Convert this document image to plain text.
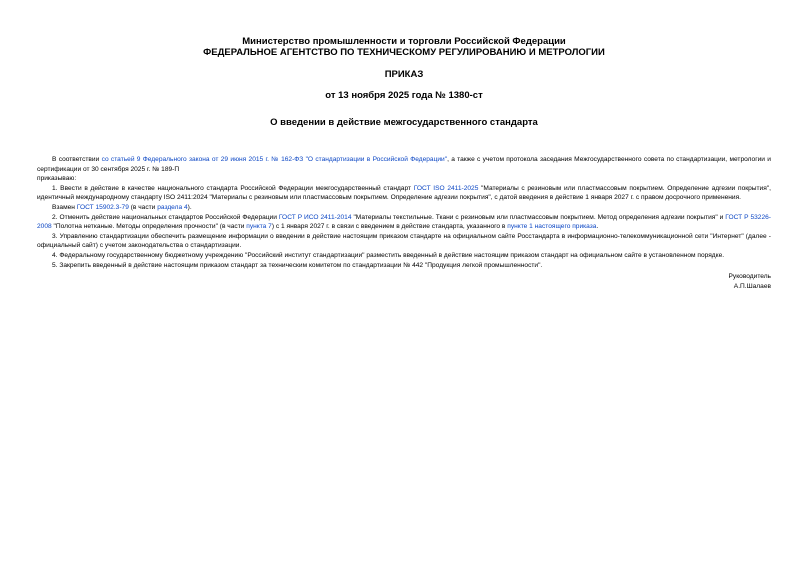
Министерство промышленности и торговли Российской Федерации
ФЕДЕРАЛЬНОЕ АГЕНТСТВО ПО ТЕХНИЧЕСКОМУ РЕГУЛИРОВАНИЮ И МЕТРОЛОГИИ
ПРИКАЗ
от 13 ноября 2025 года № 1380-ст
О введении в действие межгосударственного стандарта

В соответствии со статьей 9 Федерального закона от 29 июня 2015 г. № 162-ФЗ "О стандартизации в Российской Федерации", а также с учетом протокола заседания Межгосударственного совета по стандартизации, метрологии и сертификации от 30 сентября 2025 г. № 189-П

приказываю:

1. Ввести в действие в качестве национального стандарта Российской Федерации межгосударственный стандарт ГОСТ ISO 2411-2025 "Материалы с резиновым или пластмассовым покрытием. Определение адгезии покрытия", идентичный международному стандарту ISO 2411:2024 "Материалы с резиновым или пластмассовым покрытием. Определение адгезии покрытия", с датой введения в действие 1 января 2027 г. с правом досрочного применения.

Взамен ГОСТ 15902.3-79 (в части раздела 4).

2. Отменить действие национальных стандартов Российской Федерации ГОСТ Р ИСО 2411-2014 "Материалы текстильные. Ткани с резиновым или пластмассовым покрытием. Метод определения адгезии покрытия" и ГОСТ Р 53226-2008 "Полотна нетканые. Методы определения прочности" (в части пункта 7) с 1 января 2027 г. в связи с введением в действие стандарта, указанного в пункте 1 настоящего приказа.

3. Управлению стандартизации обеспечить размещение информации о введении в действие настоящим приказом стандарте на официальном сайте Росстандарта в информационно-телекоммуникационной сети "Интернет" (далее - официальный сайт) с учетом законодательства о стандартизации.

4. Федеральному государственному бюджетному учреждению "Российский институт стандартизации" разместить введенный в действие настоящим приказом стандарт на официальном сайте в установленном порядке.

5. Закрепить введенный в действие настоящим приказом стандарт за техническим комитетом по стандартизации № 442 "Продукция легкой промышленности".

Руководитель
А.П.Шалаев
